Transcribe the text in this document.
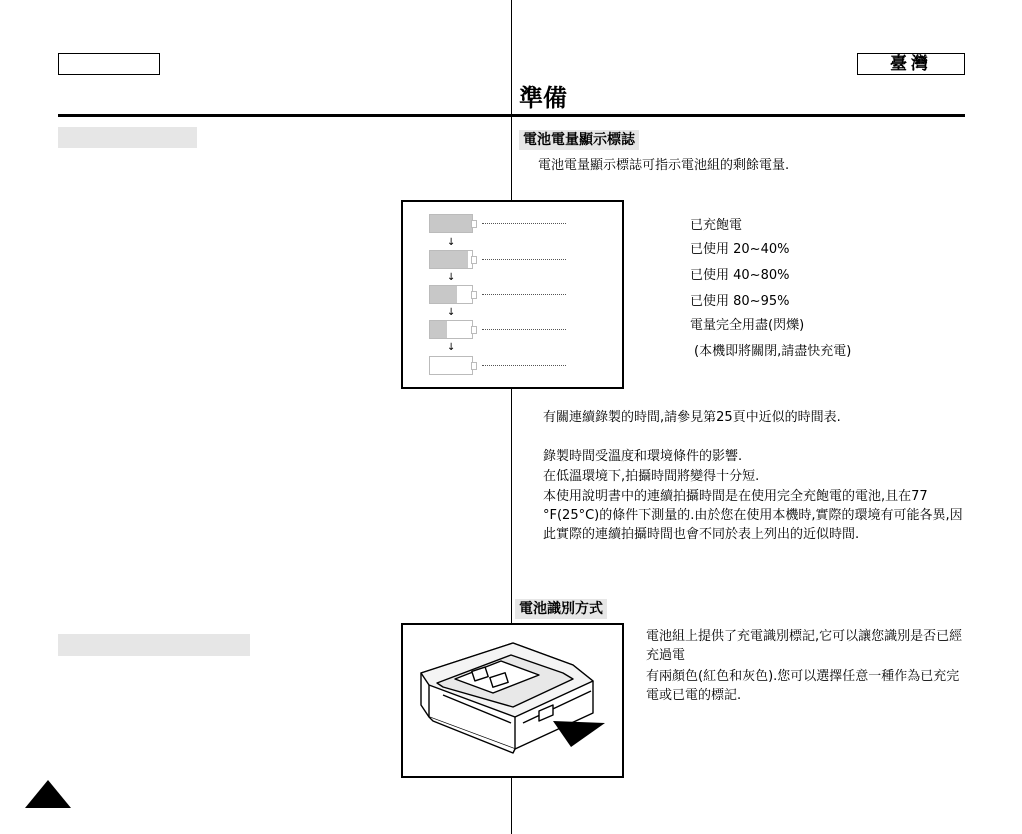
臺灣
準備
電池電量顯示標誌
電池電量顯示標誌可指示電池組的剩餘電量.
↓
↓
↓
↓
已充飽電
已使用 20~40%
已使用 40~80%
已使用 80~95%
電量完全用盡(閃爍)
(本機即將關閉,請盡快充電)
有關連續錄製的時間,請參見第25頁中近似的時間表.
錄製時間受溫度和環境條件的影響.
在低溫環境下,拍攝時間將變得十分短.
本使用說明書中的連續拍攝時間是在使用完全充飽電的電池,且在77 °F(25°C)的條件下測量的.由於您在使用本機時,實際的環境有可能各異,因此實際的連續拍攝時間也會不同於表上列出的近似時間.
電池識別方式
電池組上提供了充電識別標記,它可以讓您識別是否已經充過電
有兩顏色(紅色和灰色).您可以選擇任意一種作為已充完電或已電的標記.
